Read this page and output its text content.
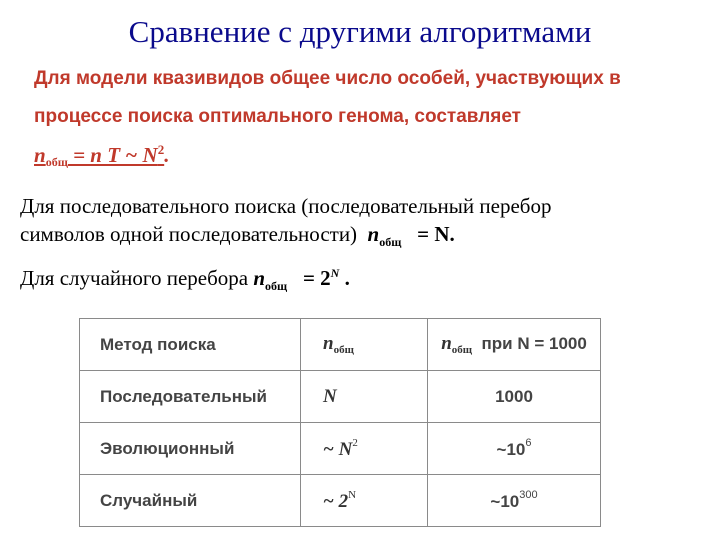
Сравнение с другими алгоритмами
Для модели квазивидов общее число особей, участвующих в
процессе поиска оптимального генома, составляет
$n_{общ} = n$ T ~ $N^2$.
Для последовательного поиска (последовательный перебор
символов одной последовательности) $n_{общ} = N$.
Для случайного перебора $n_{общ} = 2^N$ .
Метод поиска	$n_{общ}$	$n_{общ}$ при N = 1000
Последовательный	N	1000
Эволюционный	~ $N^2$	$\sim 10^6$
Случайный	~ $2^N$	$\sim 10^{300}$
